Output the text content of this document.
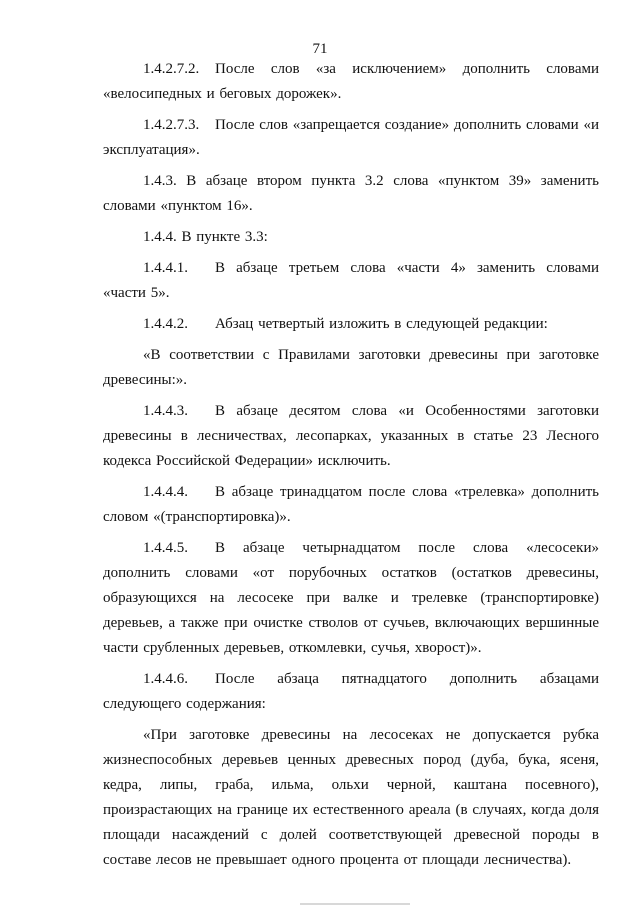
71

1.4.2.7.2. После слов «за исключением» дополнить словами «велосипедных и беговых дорожек».

1.4.2.7.3. После слов «запрещается создание» дополнить словами «и эксплуатация».

1.4.3. В абзаце втором пункта 3.2 слова «пунктом 39» заменить словами «пунктом 16».

1.4.4. В пункте 3.3:

1.4.4.1. В абзаце третьем слова «части 4» заменить словами «части 5».

1.4.4.2. Абзац четвертый изложить в следующей редакции:

«В соответствии с Правилами заготовки древесины при заготовке древесины:».

1.4.4.3. В абзаце десятом слова «и Особенностями заготовки древесины в лесничествах, лесопарках, указанных в статье 23 Лесного кодекса Российской Федерации» исключить.

1.4.4.4. В абзаце тринадцатом после слова «трелевка» дополнить словом «(транспортировка)».

1.4.4.5. В абзаце четырнадцатом после слова «лесосеки» дополнить словами «от порубочных остатков (остатков древесины, образующихся на лесосеке при валке и трелевке (транспортировке) деревьев, а также при очистке стволов от сучьев, включающих вершинные части срубленных деревьев, откомлевки, сучья, хворост)».

1.4.4.6. После абзаца пятнадцатого дополнить абзацами следующего содержания:

«При заготовке древесины на лесосеках не допускается рубка жизнеспособных деревьев ценных древесных пород (дуба, бука, ясеня, кедра, липы, граба, ильма, ольхи черной, каштана посевного), произрастающих на границе их естественного ареала (в случаях, когда доля площади насаждений с долей соответствующей древесной породы в составе лесов не превышает одного процента от площади лесничества).
